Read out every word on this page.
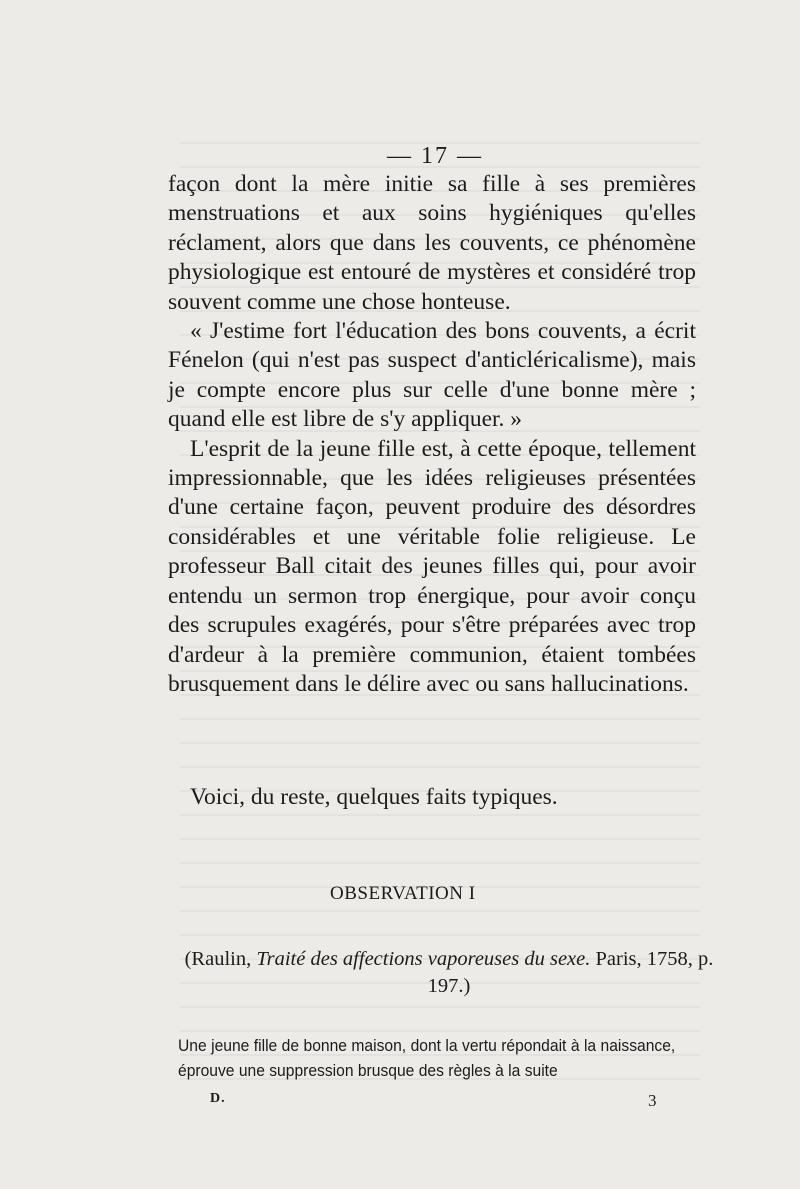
— 17 —

façon dont la mère initie sa fille à ses premières menstruations et aux soins hygiéniques qu'elles réclament, alors que dans les couvents, ce phénomène physiologique est entouré de mystères et considéré trop souvent comme une chose honteuse.

« J'estime fort l'éducation des bons couvents, a écrit Fénelon (qui n'est pas suspect d'anticléricalisme), mais je compte encore plus sur celle d'une bonne mère ; quand elle est libre de s'y appliquer. »

L'esprit de la jeune fille est, à cette époque, tellement impressionnable, que les idées religieuses présentées d'une certaine façon, peuvent produire des désordres considérables et une véritable folie religieuse. Le professeur Ball citait des jeunes filles qui, pour avoir entendu un sermon trop énergique, pour avoir conçu des scrupules exagérés, pour s'être préparées avec trop d'ardeur à la première communion, étaient tombées brusquement dans le délire avec ou sans hallucinations.

Voici, du reste, quelques faits typiques.
OBSERVATION I
(Raulin, Traité des affections vaporeuses du sexe. Paris, 1758, p. 197.)
Une jeune fille de bonne maison, dont la vertu répondait à la naissance, éprouve une suppression brusque des règles à la suite
D.	3
